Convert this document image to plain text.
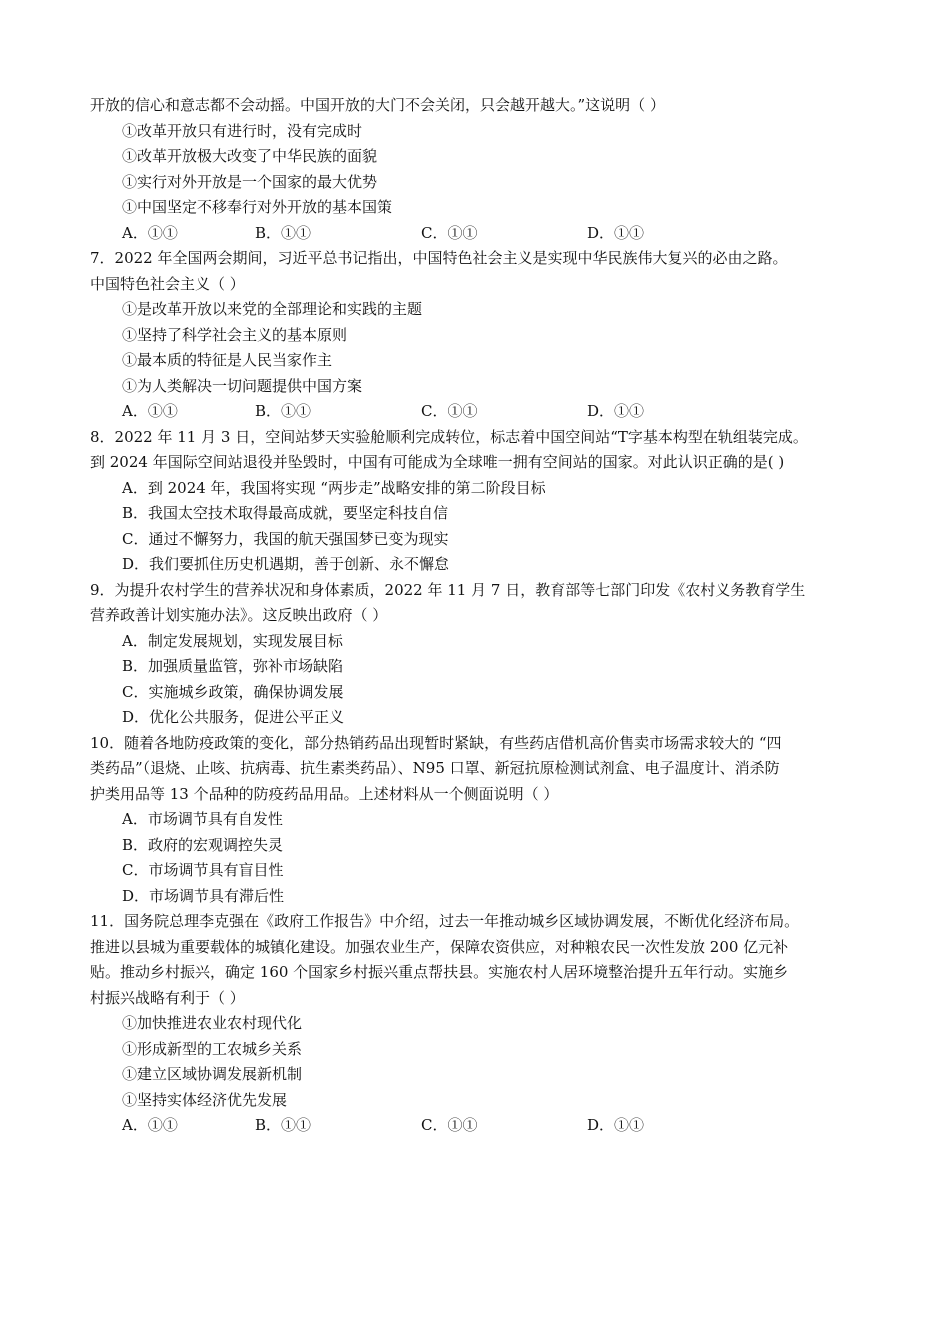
开放的信心和意志都不会动摇。中国开放的大门不会关闭，只会越开越大。”这说明（ ）
①改革开放只有进行时，没有完成时
①改革开放极大改变了中华民族的面貌
①实行对外开放是一个国家的最大优势
①中国坚定不移奉行对外开放的基本国策
A．①①	B．①①	C．①①	D．①①
7．2022 年全国两会期间，习近平总书记指出，中国特色社会主义是实现中华民族伟大复兴的必由之路。
中国特色社会主义（ ）
①是改革开放以来党的全部理论和实践的主题
①坚持了科学社会主义的基本原则
①最本质的特征是人民当家作主
①为人类解决一切问题提供中国方案
A．①①	B．①①	C．①①	D．①①
8．2022 年 11 月 3 日，空间站梦天实验舱顺利完成转位，标志着中国空间站“T字基本构型在轨组装完成。
到 2024 年国际空间站退役并坠毁时，中国有可能成为全球唯一拥有空间站的国家。对此认识正确的是( )
A．到 2024 年，我国将实现 “两步走”战略安排的第二阶段目标
B．我国太空技术取得最高成就，要坚定科技自信
C．通过不懈努力，我国的航天强国梦已变为现实
D．我们要抓住历史机遇期，善于创新、永不懈怠
9．为提升农村学生的营养状况和身体素质，2022 年 11 月 7 日，教育部等七部门印发《农村义务教育学生
营养政善计划实施办法》。这反映出政府（ ）
A．制定发展规划，实现发展目标
B．加强质量监管，弥补市场缺陷
C．实施城乡政策，确保协调发展
D．优化公共服务，促进公平正义
10．随着各地防疫政策的变化，部分热销药品出现暂时紧缺，有些药店借机高价售卖市场需求较大的 “四
类药品”（退烧、止咳、抗病毒、抗生素类药品）、N95 口罩、新冠抗原检测试剂盒、电子温度计、消杀防
护类用品等 13 个品种的防疫药品用品。上述材料从一个侧面说明（ ）
A．市场调节具有自发性
B．政府的宏观调控失灵
C．市场调节具有盲目性
D．市场调节具有滞后性
11．国务院总理李克强在《政府工作报告》中介绍，过去一年推动城乡区域协调发展，不断优化经济布局。
推进以县城为重要载体的城镇化建设。加强农业生产，保障农资供应，对种粮农民一次性发放 200 亿元补
贴。推动乡村振兴，确定 160 个国家乡村振兴重点帮扶县。实施农村人居环境整治提升五年行动。实施乡
村振兴战略有利于（ ）
①加快推进农业农村现代化
①形成新型的工农城乡关系
①建立区域协调发展新机制
①坚持实体经济优先发展
A．①①	B．①①	C．①①	D．①①
